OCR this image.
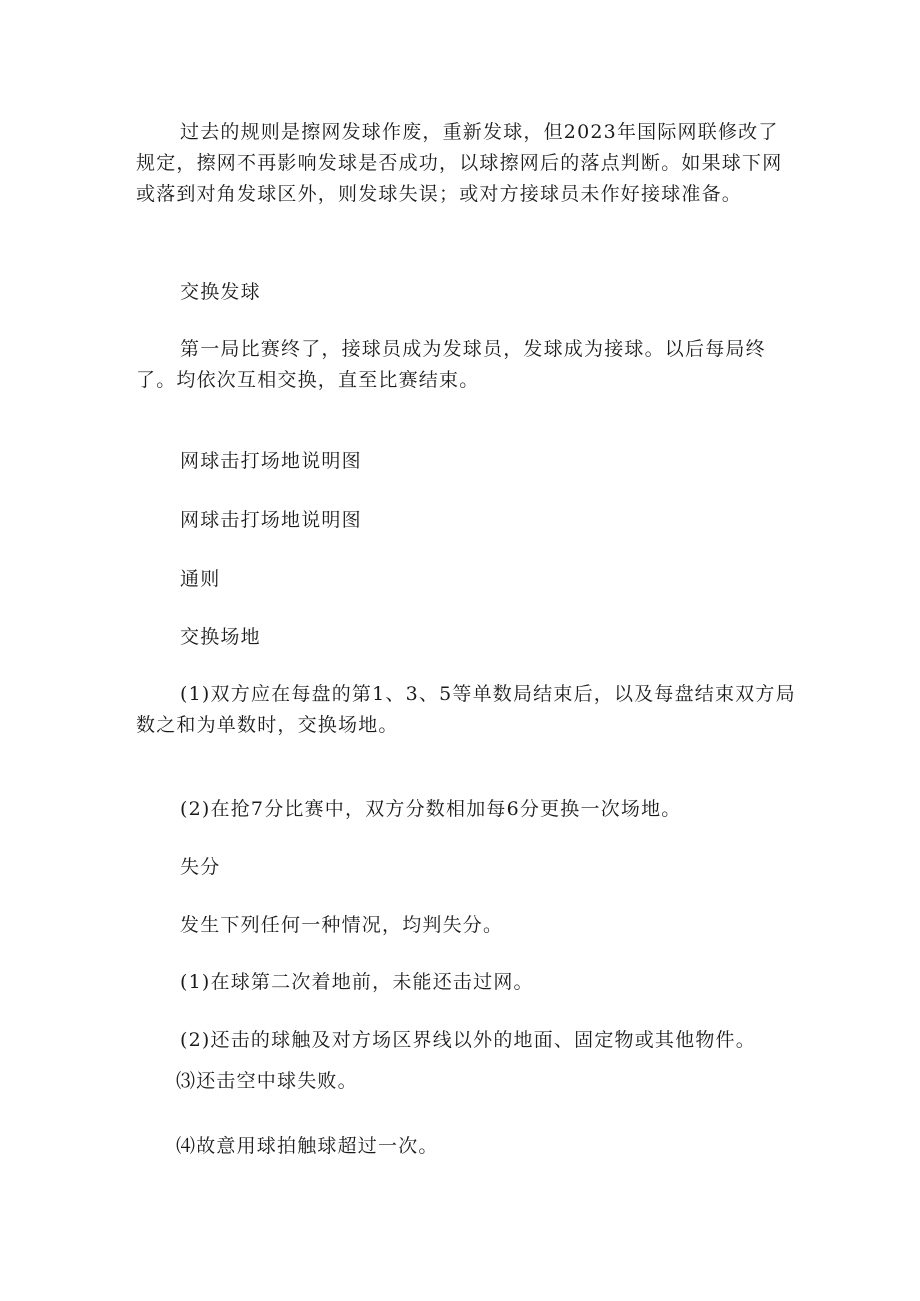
过去的规则是擦网发球作废，重新发球，但2023年国际网联修改了规定，擦网不再影响发球是否成功，以球擦网后的落点判断。如果球下网或落到对角发球区外，则发球失误；或对方接球员未作好接球准备。

交换发球

第一局比赛终了，接球员成为发球员，发球成为接球。以后每局终了。均依次互相交换，直至比赛结束。

网球击打场地说明图

网球击打场地说明图

通则

交换场地

(1)双方应在每盘的第1、3、5等单数局结束后，以及每盘结束双方局数之和为单数时，交换场地。

(2)在抢7分比赛中，双方分数相加每6分更换一次场地。

失分

发生下列任何一种情况，均判失分。

(1)在球第二次着地前，未能还击过网。

(2)还击的球触及对方场区界线以外的地面、固定物或其他物件。

⑶还击空中球失败。

⑷故意用球拍触球超过一次。
